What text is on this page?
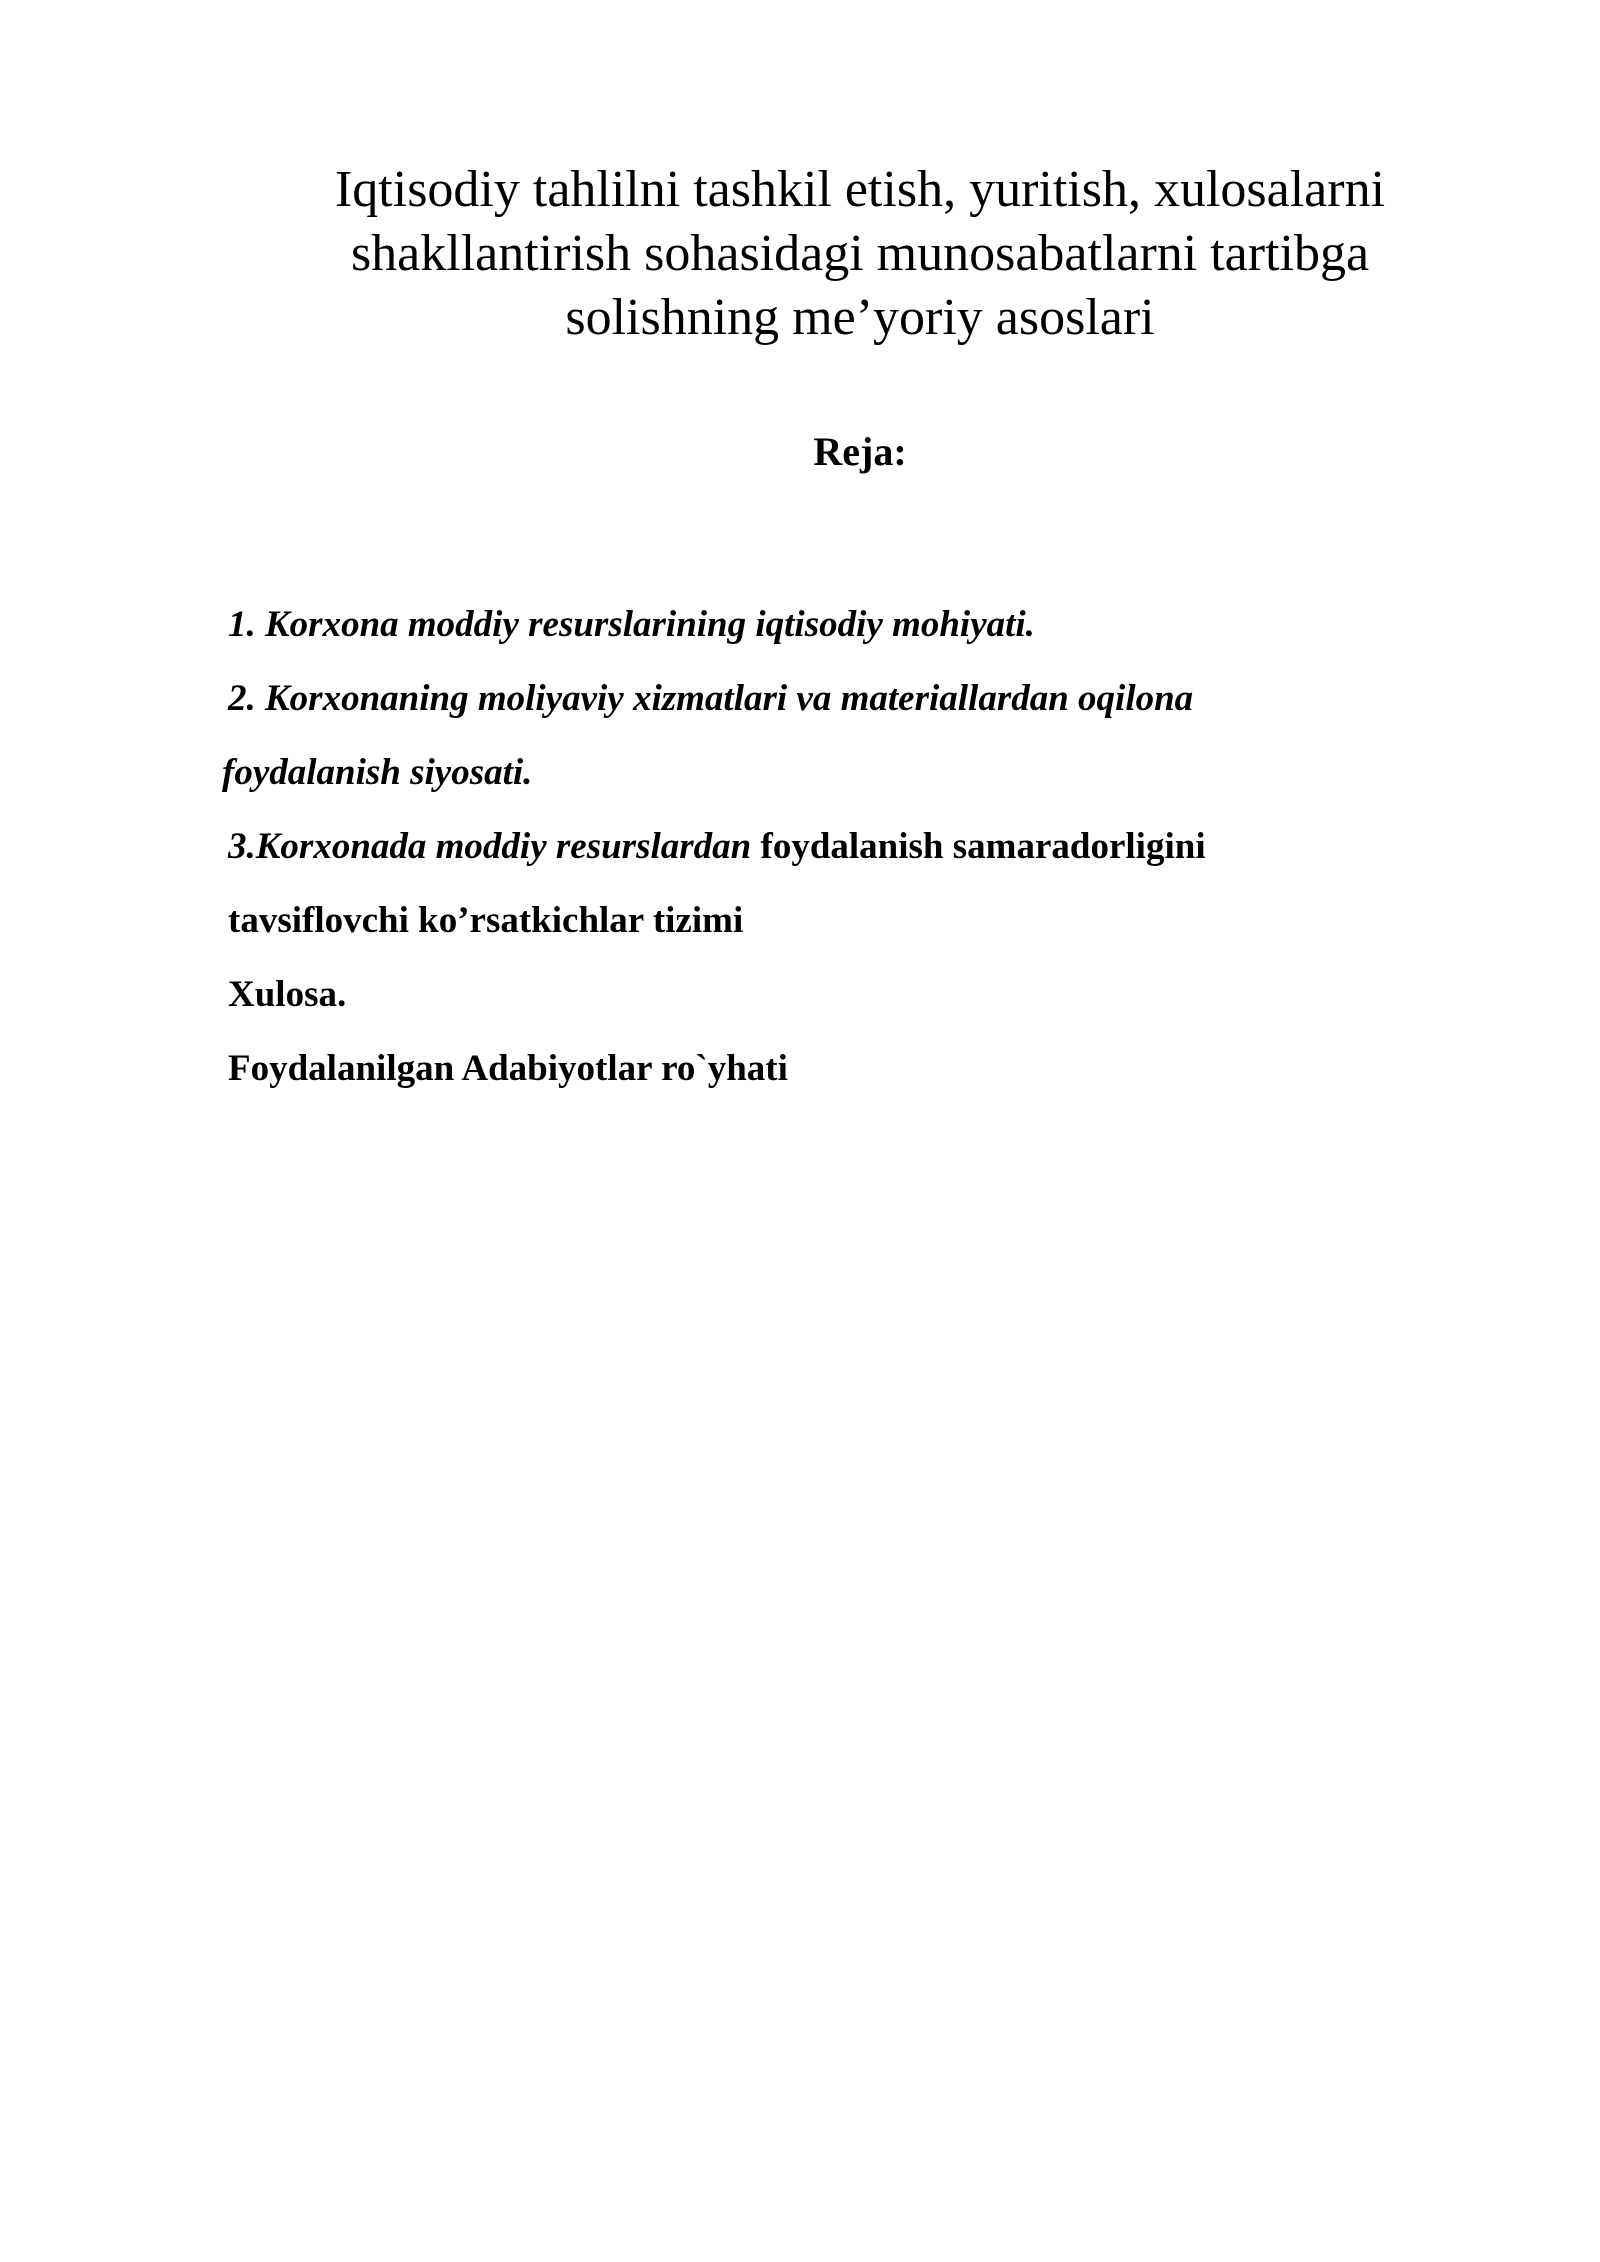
Iqtisodiy tahlilni tashkil etish, yuritish, xulosalarni
shakllantirish sohasidagi munosabatlarni tartibga
solishning me’yoriy asoslari
Reja:
1. Korxona moddiy resurslarining iqtisodiy mohiyati.
2. Korxonaning moliyaviy xizmatlari va materiallardan oqilona
foydalanish siyosati.
3.Korxonada moddiy resurslardan foydalanish samaradorligini
tavsiflovchi ko’rsatkichlar tizimi
Xulosa.
Foydalanilgan Adabiyotlar ro`yhati
